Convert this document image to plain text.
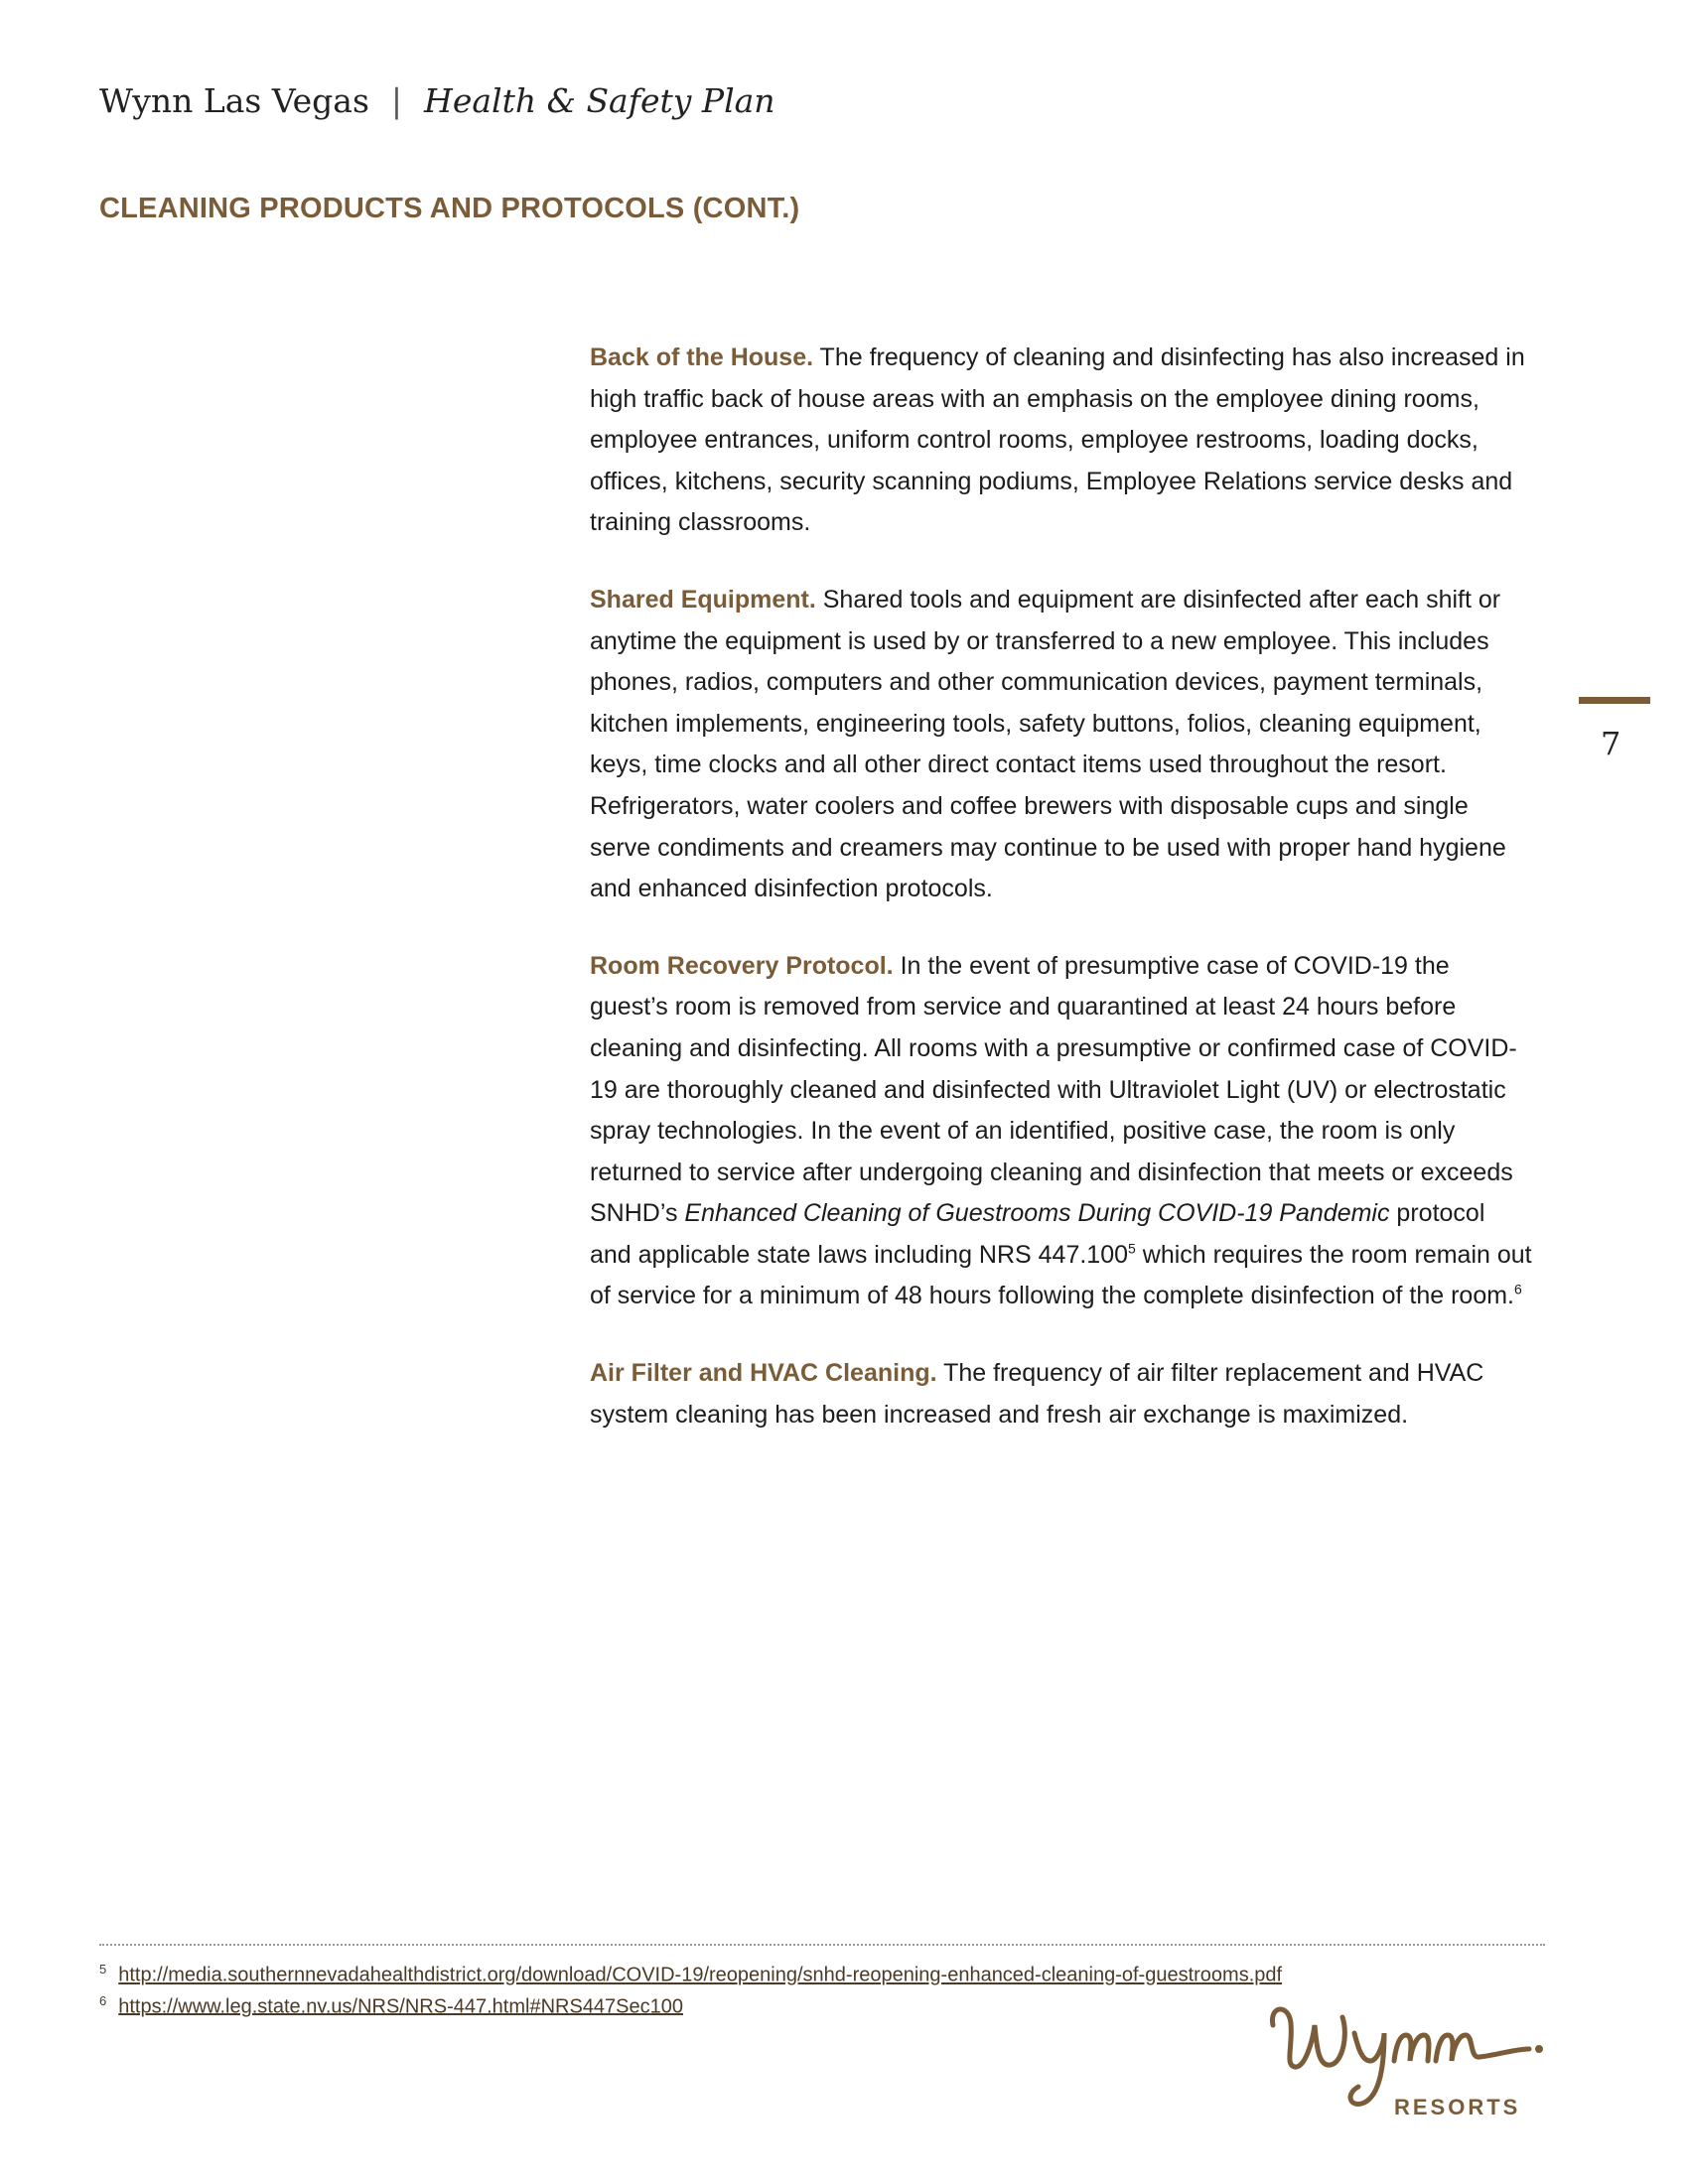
Wynn Las Vegas | Health & Safety Plan
CLEANING PRODUCTS AND PROTOCOLS (CONT.)

Back of the House. The frequency of cleaning and disinfecting has also increased in high traffic back of house areas with an emphasis on the employee dining rooms, employee entrances, uniform control rooms, employee restrooms, loading docks, offices, kitchens, security scanning podiums, Employee Relations service desks and training classrooms.

Shared Equipment. Shared tools and equipment are disinfected after each shift or anytime the equipment is used by or transferred to a new employee. This includes phones, radios, computers and other communication devices, payment terminals, kitchen implements, engineering tools, safety buttons, folios, cleaning equipment, keys, time clocks and all other direct contact items used throughout the resort. Refrigerators, water coolers and coffee brewers with disposable cups and single serve condiments and creamers may continue to be used with proper hand hygiene and enhanced disinfection protocols.

Room Recovery Protocol. In the event of presumptive case of COVID-19 the guest’s room is removed from service and quarantined at least 24 hours before cleaning and disinfecting. All rooms with a presumptive or confirmed case of COVID-19 are thoroughly cleaned and disinfected with Ultraviolet Light (UV) or electrostatic spray technologies. In the event of an identified, positive case, the room is only returned to service after undergoing cleaning and disinfection that meets or exceeds SNHD’s Enhanced Cleaning of Guestrooms During COVID-19 Pandemic protocol and applicable state laws including NRS 447.100$^5$ which requires the room remain out of service for a minimum of 48 hours following the complete disinfection of the room.$^6$

Air Filter and HVAC Cleaning. The frequency of air filter replacement and HVAC system cleaning has been increased and fresh air exchange is maximized.

7

$^5$ http://media.southernnevadahealthdistrict.org/download/COVID-19/reopening/snhd-reopening-enhanced-cleaning-of-guestrooms.pdf

$^6$ https://www.leg.state.nv.us/NRS/NRS-447.html#NRS447Sec100

RESORTS
